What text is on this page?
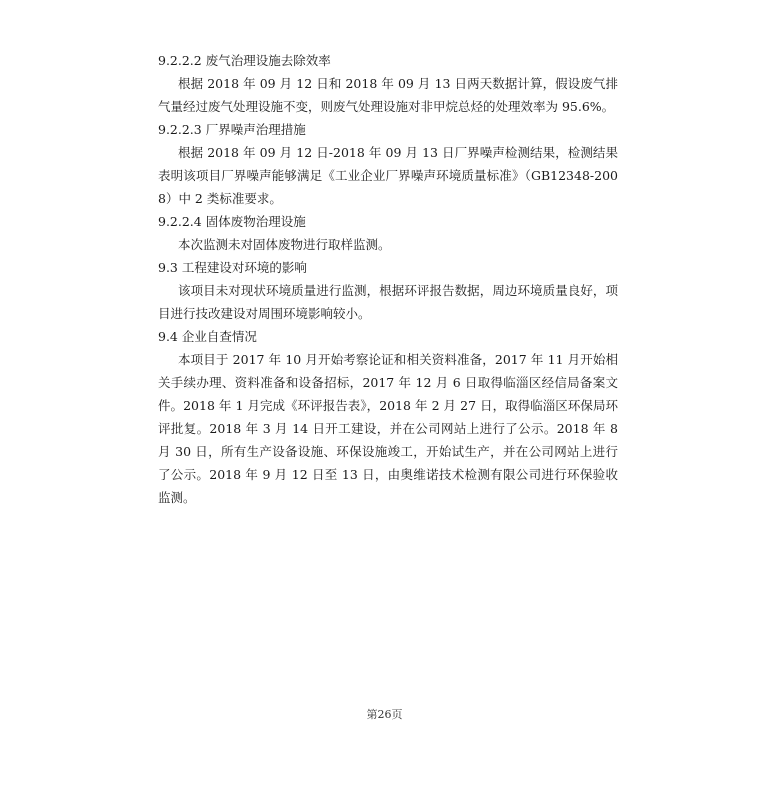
9.2.2.2 废气治理设施去除效率

根据 2018 年 09 月 12 日和 2018 年 09 月 13 日两天数据计算，假设废气排气量经过废气处理设施不变，则废气处理设施对非甲烷总烃的处理效率为 95.6%。

9.2.2.3 厂界噪声治理措施

根据 2018 年 09 月 12 日-2018 年 09 月 13 日厂界噪声检测结果，检测结果表明该项目厂界噪声能够满足《工业企业厂界噪声环境质量标准》（GB12348-2008）中 2 类标准要求。

9.2.2.4 固体废物治理设施

本次监测未对固体废物进行取样监测。

9.3 工程建设对环境的影响

该项目未对现状环境质量进行监测，根据环评报告数据，周边环境质量良好，项目进行技改建设对周围环境影响较小。

9.4 企业自查情况

本项目于 2017 年 10 月开始考察论证和相关资料准备，2017 年 11 月开始相关手续办理、资料准备和设备招标，2017 年 12 月 6 日取得临淄区经信局备案文件。2018 年 1 月完成《环评报告表》，2018 年 2 月 27 日，取得临淄区环保局环评批复。2018 年 3 月 14 日开工建设，并在公司网站上进行了公示。2018 年 8 月 30 日，所有生产设备设施、环保设施竣工，开始试生产，并在公司网站上进行了公示。2018 年 9 月 12 日至 13 日，由奥维诺技术检测有限公司进行环保验收监测。

第26页
